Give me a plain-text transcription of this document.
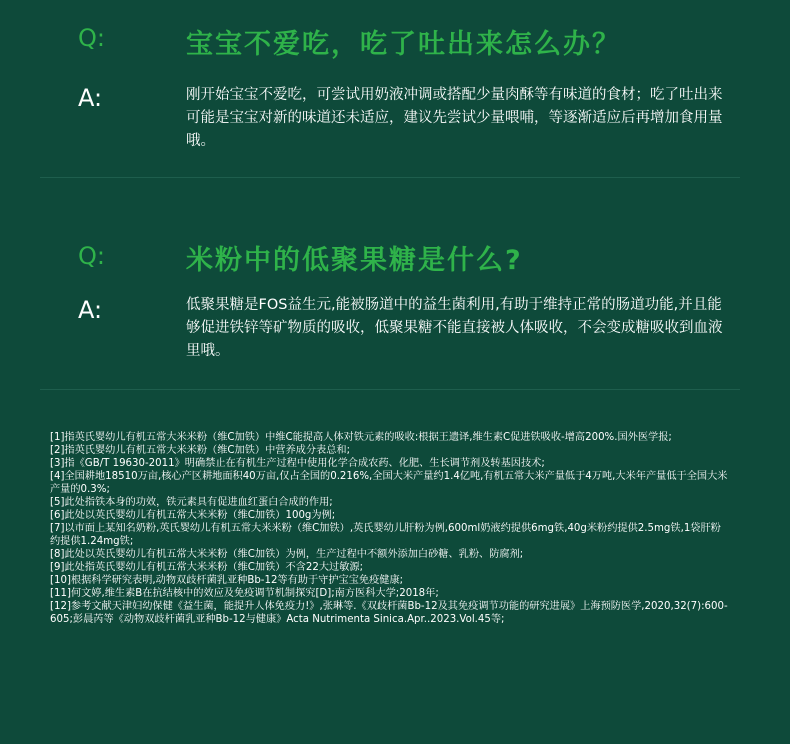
Q:	宝宝不爱吃，吃了吐出来怎么办？
A:	刚开始宝宝不爱吃，可尝试用奶液冲调或搭配少量肉酥等有味道的食材；吃了吐出来可能是宝宝对新的味道还未适应，建议先尝试少量喂哺，等逐渐适应后再增加食用量哦。
Q:	米粉中的低聚果糖是什么?
A:	低聚果糖是FOS益生元,能被肠道中的益生菌利用,有助于维持正常的肠道功能,并且能够促进铁锌等矿物质的吸收，低聚果糖不能直接被人体吸收，不会变成糖吸收到血液里哦。

[1]指英氏婴幼儿有机五常大米米粉（维C加铁）中维C能提高人体对铁元素的吸收:根据王遗译,维生素C促进铁吸收-增高200%.国外医学报;

[2]指英氏婴幼儿有机五常大米米粉（维C加铁）中营养成分表总和;

[3]指《GB/T 19630-2011》明确禁止在有机生产过程中使用化学合成农药、化肥、生长调节剂及转基因技术;

[4]全国耕地18510万亩,核心产区耕地面积40万亩,仅占全国的0.216%,全国大米产量约1.4亿吨,有机五常大米产量低于4万吨,大米年产量低于全国大米产量的0.3%;

[5]此处指铁本身的功效，铁元素具有促进血红蛋白合成的作用;

[6]此处以英氏婴幼儿有机五常大米米粉（维C加铁）100g为例;

[7]以市面上某知名奶粉,英氏婴幼儿有机五常大米米粉（维C加铁）,英氏婴幼儿肝粉为例,600ml奶液约提供6mg铁,40g米粉约提供2.5mg铁,1袋肝粉约提供1.24mg铁;

[8]此处以英氏婴幼儿有机五常大米米粉（维C加铁）为例，生产过程中不额外添加白砂糖、乳粉、防腐剂;

[9]此处指英氏婴幼儿有机五常大米米粉（维C加铁）不含22大过敏源;

[10]根据科学研究表明,动物双歧杆菌乳亚种Bb-12等有助于守护宝宝免疫健康;

[11]何文婷,维生素B在抗结核中的效应及免疫调节机制探究[D];南方医科大学;2018年;

[12]参考文献天津妇幼保健《益生菌，能提升人体免疫力!》,张琳等.《双歧杆菌Bb-12及其免疫调节功能的研究进展》上海预防医学,2020,32(7):600-605;彭晨芮等《动物双歧杆菌乳亚种Bb-12与健康》Acta Nutrimenta Sinica.Apr..2023.Vol.45等;
